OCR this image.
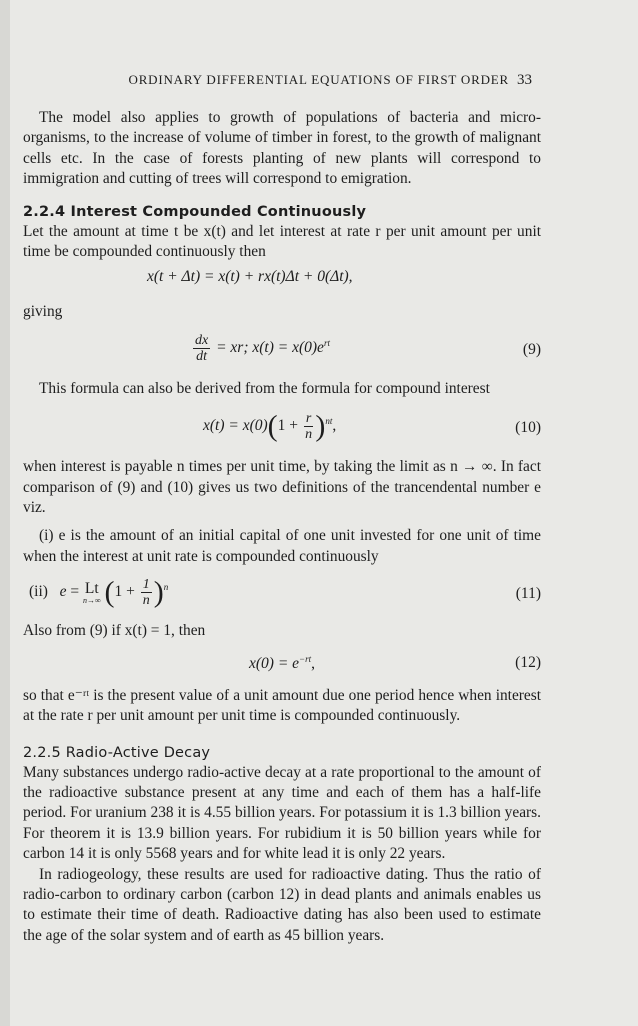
ORDINARY DIFFERENTIAL EQUATIONS OF FIRST ORDER 33

The model also applies to growth of populations of bacteria and micro-organisms, to the increase of volume of timber in forest, to the growth of malignant cells etc. In the case of forests planting of new plants will correspond to immigration and cutting of trees will correspond to emigration.

2.2.4 Interest Compounded Continuously

Let the amount at time t be x(t) and let interest at rate r per unit amount per unit time be compounded continuously then

x(t + Δt) = x(t) + rx(t)Δt + 0(Δt),

giving

$\frac{dx}{dt}$ = xr; $x(t) = x(0)e^{rt}$	(9)

This formula can also be derived from the formula for compound interest

$x(t) = x(0)(1 + \frac{r}{n} )^{nt}$,	(10)

when interest is payable n times per unit time, by taking the limit as n → ∞. In fact comparison of (9) and (10) gives us two definitions of the trancendental number e viz.

(i) e is the amount of an initial capital of one unit invested for one unit of time when the interest at unit rate is compounded continuously

(ii)   e = Lt
n→∞ $(1 + \frac{1}{n} )^n$	(11)

Also from (9) if x(t) = 1, then

$x(0) = e^{-rt}$,	(12)

so that e⁻ʳᵗ is the present value of a unit amount due one period hence when interest at the rate r per unit amount per unit time is compounded continuously.

2.2.5 Radio-Active Decay

Many substances undergo radio-active decay at a rate proportional to the amount of the radioactive substance present at any time and each of them has a half-life period. For uranium 238 it is 4.55 billion years. For potassium it is 1.3 billion years. For theorem it is 13.9 billion years. For rubidium it is 50 billion years while for carbon 14 it is only 5568 years and for white lead it is only 22 years.

In radiogeology, these results are used for radioactive dating. Thus the ratio of radio-carbon to ordinary carbon (carbon 12) in dead plants and animals enables us to estimate their time of death. Radioactive dating has also been used to estimate the age of the solar system and of earth as 45 billion years.
